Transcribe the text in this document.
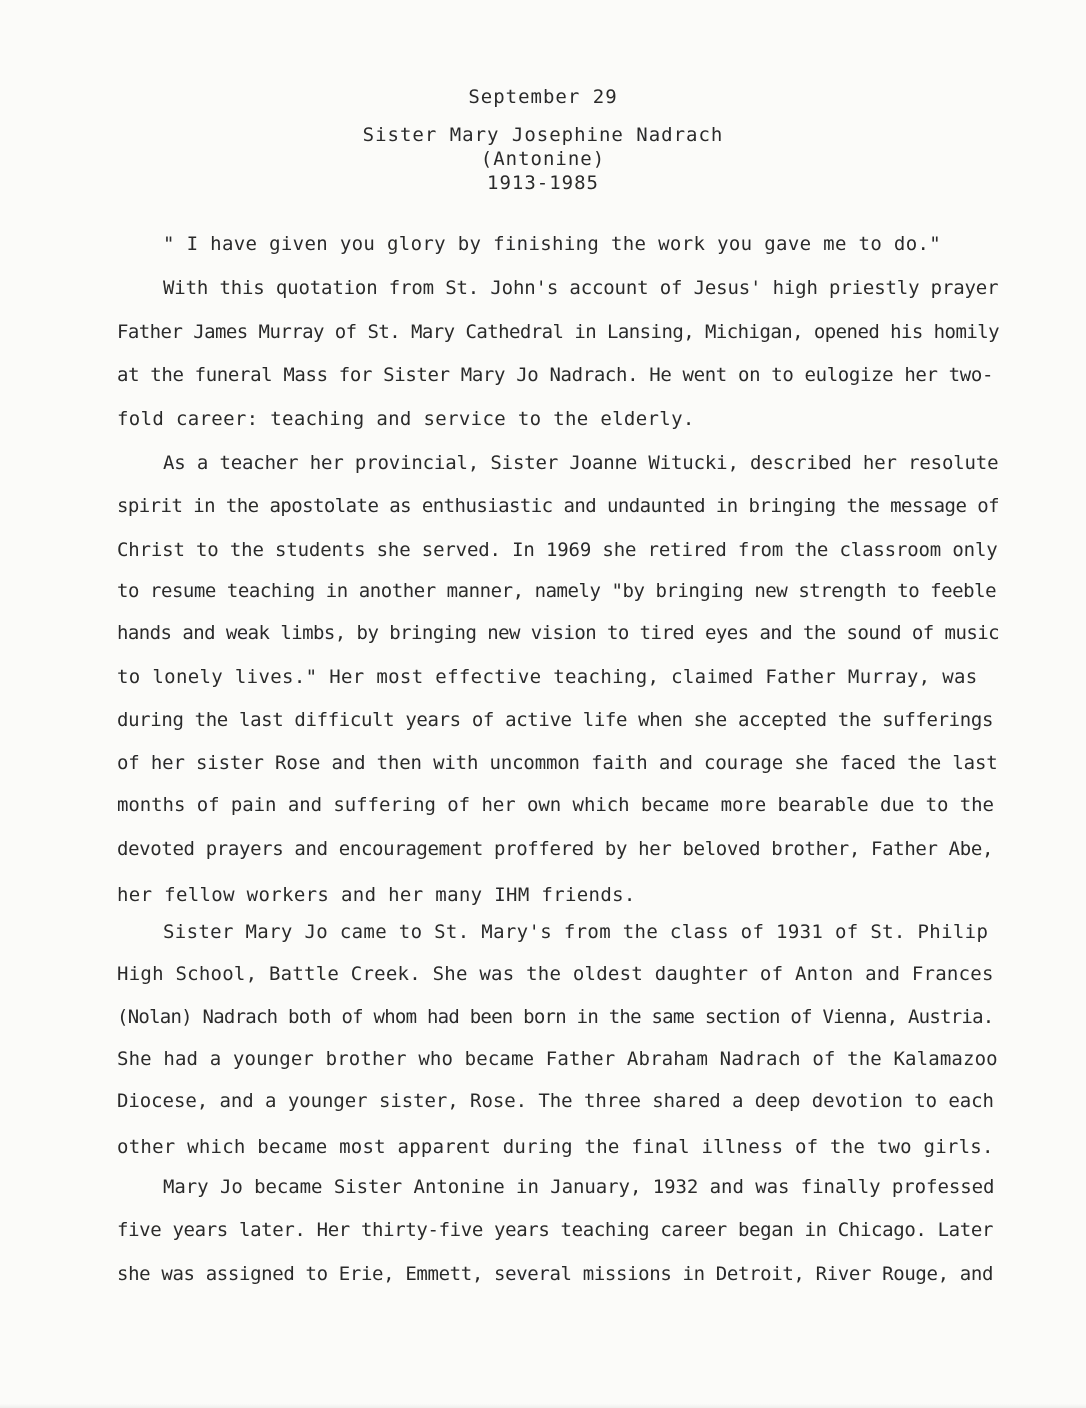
September 29
Sister Mary Josephine Nadrach
(Antonine)
1913-1985
" I have given you glory by finishing the work you gave me to do."
With this quotation from St. John's account of Jesus' high priestly prayer
Father James Murray of St. Mary Cathedral in Lansing, Michigan, opened his homily
at the funeral Mass for Sister Mary Jo Nadrach. He went on to eulogize her two-
fold career: teaching and service to the elderly.
As a teacher her provincial, Sister Joanne Witucki, described her resolute
spirit in the apostolate as enthusiastic and undaunted in bringing the message of
Christ to the students she served. In 1969 she retired from the classroom only
to resume teaching in another manner, namely "by bringing new strength to feeble
hands and weak limbs, by bringing new vision to tired eyes and the sound of music
to lonely lives." Her most effective teaching, claimed Father Murray, was
during the last difficult years of active life when she accepted the sufferings
of her sister Rose and then with uncommon faith and courage she faced the last
months of pain and suffering of her own which became more bearable due to the
devoted prayers and encouragement proffered by her beloved brother, Father Abe,
her fellow workers and her many IHM friends.
Sister Mary Jo came to St. Mary's from the class of 1931 of St. Philip
High School, Battle Creek. She was the oldest daughter of Anton and Frances
(Nolan) Nadrach both of whom had been born in the same section of Vienna, Austria.
She had a younger brother who became Father Abraham Nadrach of the Kalamazoo
Diocese, and a younger sister, Rose. The three shared a deep devotion to each
other which became most apparent during the final illness of the two girls.
Mary Jo became Sister Antonine in January, 1932 and was finally professed
five years later. Her thirty-five years teaching career began in Chicago. Later
she was assigned to Erie, Emmett, several missions in Detroit, River Rouge, and
